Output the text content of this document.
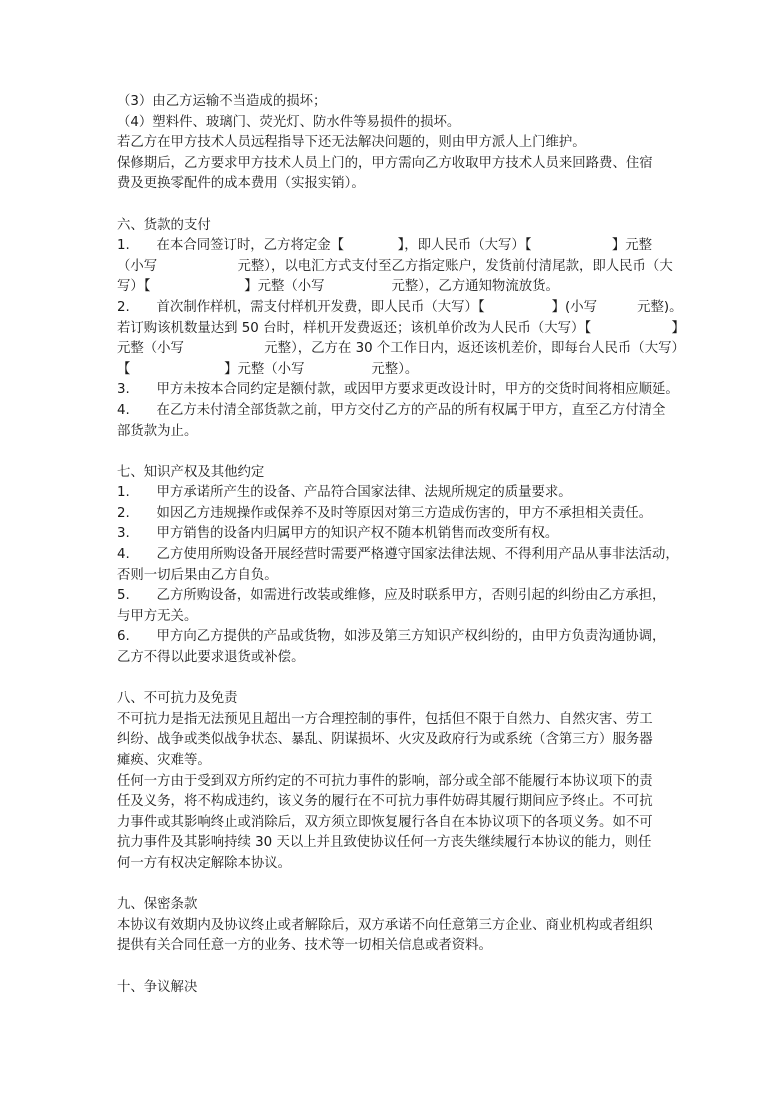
（3）由乙方运输不当造成的损坏；
（4）塑料件、玻璃门、荧光灯、防水件等易损件的损坏。
若乙方在甲方技术人员远程指导下还无法解决问题的，则由甲方派人上门维护。
保修期后，乙方要求甲方技术人员上门的，甲方需向乙方收取甲方技术人员来回路费、住宿
费及更换零配件的成本费用（实报实销）。
六、货款的支付
1.　　在本合同签订时，乙方将定金【　　　　】，即人民币（大写）【　　　　　　】元整
（小写　　　　　　元整），以电汇方式支付至乙方指定账户，发货前付清尾款，即人民币（大
写）【　　　　　　　】元整（小写　　　　　元整），乙方通知物流放货。
2.　　首次制作样机，需支付样机开发费，即人民币（大写）【　　　　　】(小写　　　元整)。
若订购该机数量达到 50 台时，样机开发费返还；该机单价改为人民币（大写）【　　　　　　】
元整（小写　　　　　　元整），乙方在 30 个工作日内，返还该机差价，即每台人民币（大写）
【　　　　　　　】元整（小写　　　　　元整）。
3.　　甲方未按本合同约定是额付款，或因甲方要求更改设计时，甲方的交货时间将相应顺延。
4.　　在乙方未付清全部货款之前，甲方交付乙方的产品的所有权属于甲方，直至乙方付清全
部货款为止。
七、知识产权及其他约定
1.　　甲方承诺所产生的设备、产品符合国家法律、法规所规定的质量要求。
2.　　如因乙方违规操作或保养不及时等原因对第三方造成伤害的，甲方不承担相关责任。
3.　　甲方销售的设备内归属甲方的知识产权不随本机销售而改变所有权。
4.　　乙方使用所购设备开展经营时需要严格遵守国家法律法规、不得利用产品从事非法活动，
否则一切后果由乙方自负。
5.　　乙方所购设备，如需进行改装或维修，应及时联系甲方，否则引起的纠纷由乙方承担，
与甲方无关。
6.　　甲方向乙方提供的产品或货物，如涉及第三方知识产权纠纷的，由甲方负责沟通协调，
乙方不得以此要求退货或补偿。
八、不可抗力及免责
不可抗力是指无法预见且超出一方合理控制的事件，包括但不限于自然力、自然灾害、劳工
纠纷、战争或类似战争状态、暴乱、阴谋损坏、火灾及政府行为或系统（含第三方）服务器
瘫痪、灾难等。
任何一方由于受到双方所约定的不可抗力事件的影响，部分或全部不能履行本协议项下的责
任及义务，将不构成违约，该义务的履行在不可抗力事件妨碍其履行期间应予终止。不可抗
力事件或其影响终止或消除后，双方须立即恢复履行各自在本协议项下的各项义务。如不可
抗力事件及其影响持续 30 天以上并且致使协议任何一方丧失继续履行本协议的能力，则任
何一方有权决定解除本协议。
九、保密条款
本协议有效期内及协议终止或者解除后，双方承诺不向任意第三方企业、商业机构或者组织
提供有关合同任意一方的业务、技术等一切相关信息或者资料。
十、争议解决
